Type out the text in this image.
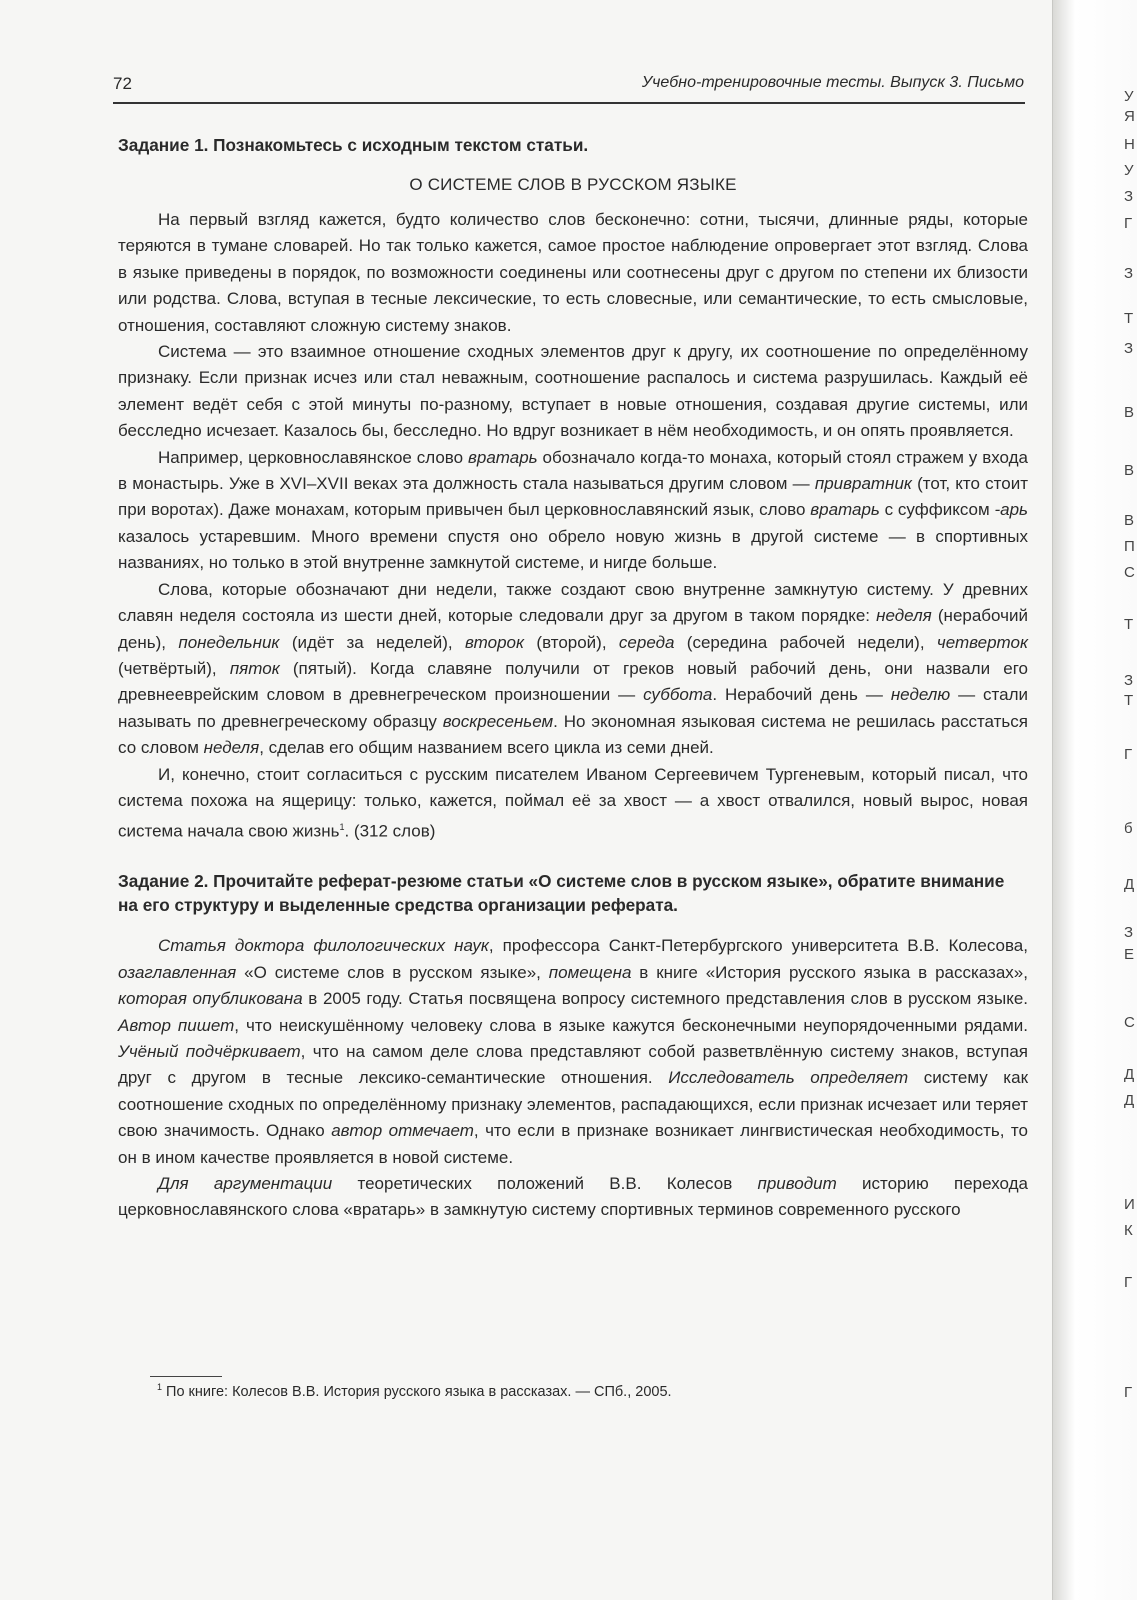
У
Я
Н
У
З
Г
З
Т
З
В
В
В
П
С
Т
З
Т
Г
б
Д
З
Е
С
Д
Д
И
К
Г
Г
72	Учебно-тренировочные тесты. Выпуск 3. Письмо
Задание 1. Познакомьтесь с исходным текстом статьи.
О СИСТЕМЕ СЛОВ В РУССКОМ ЯЗЫКЕ

На первый взгляд кажется, будто количество слов бесконечно: сотни, тысячи, длинные ряды, которые теряются в тумане словарей. Но так только кажется, самое простое наблюдение опровергает этот взгляд. Слова в языке приведены в порядок, по возможности соединены или соотнесены друг с другом по степени их близости или родства. Слова, вступая в тесные лексические, то есть словесные, или семантические, то есть смысловые, отношения, составляют сложную систему знаков.

Система — это взаимное отношение сходных элементов друг к другу, их соотношение по определённому признаку. Если признак исчез или стал неважным, соотношение распалось и система разрушилась. Каждый её элемент ведёт себя с этой минуты по-разному, вступает в новые отношения, создавая другие системы, или бесследно исчезает. Казалось бы, бесследно. Но вдруг возникает в нём необходимость, и он опять проявляется.

Например, церковнославянское слово вратарь обозначало когда-то монаха, который стоял стражем у входа в монастырь. Уже в XVI–XVII веках эта должность стала называться другим словом — привратник (тот, кто стоит при воротах). Даже монахам, которым привычен был церковнославянский язык, слово вратарь с суффиксом -арь казалось устаревшим. Много времени спустя оно обрело новую жизнь в другой системе — в спортивных названиях, но только в этой внутренне замкнутой системе, и нигде больше.

Слова, которые обозначают дни недели, также создают свою внутренне замкнутую систему. У древних славян неделя состояла из шести дней, которые следовали друг за другом в таком порядке: неделя (нерабочий день), понедельник (идёт за неделей), второк (второй), середа (середина рабочей недели), четверток (четвёртый), пяток (пятый). Когда славяне получили от греков новый рабочий день, они назвали его древнееврейским словом в древнегреческом произношении — суббота. Нерабочий день — неделю — стали называть по древнегреческому образцу воскресеньем. Но экономная языковая система не решилась расстаться со словом неделя, сделав его общим названием всего цикла из семи дней.

И, конечно, стоит согласиться с русским писателем Иваном Сергеевичем Тургеневым, который писал, что система похожа на ящерицу: только, кажется, поймал её за хвост — а хвост отвалился, новый вырос, новая система начала свою жизнь$^1$. (312 слов)

Задание 2. Прочитайте реферат-резюме статьи «О системе слов в русском языке», обратите внимание на его структуру и выделенные средства организации реферата.

Статья доктора филологических наук, профессора Санкт-Петербургского университета В.В. Колесова, озаглавленная «О системе слов в русском языке», помещена в книге «История русского языка в рассказах», которая опубликована в 2005 году. Статья посвящена вопросу системного представления слов в русском языке. Автор пишет, что неискушённому человеку слова в языке кажутся бесконечными неупорядоченными рядами. Учёный подчёркивает, что на самом деле слова представляют собой разветвлённую систему знаков, вступая друг с другом в тесные лексико-семантические отношения. Исследователь определяет систему как соотношение сходных по определённому признаку элементов, распадающихся, если признак исчезает или теряет свою значимость. Однако автор отмечает, что если в признаке возникает лингвистическая необходимость, то он в ином качестве проявляется в новой системе.

Для аргументации теоретических положений В.В. Колесов приводит историю перехода церковнославянского слова «вратарь» в замкнутую систему спортивных терминов современного русского

$^1$ По книге: Колесов В.В. История русского языка в рассказах. — СПб., 2005.
